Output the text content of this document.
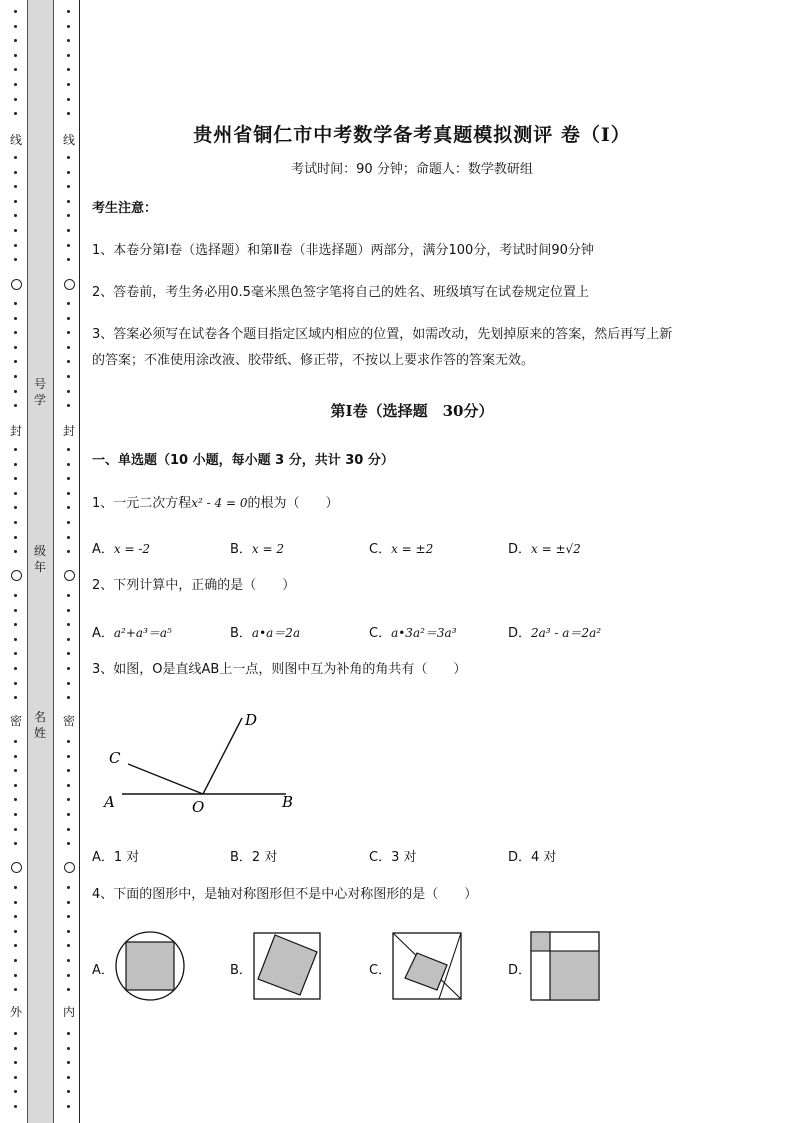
线
封
密
外
线
封
密
内
号学
级年
名姓
贵州省铜仁市中考数学备考真题模拟测评 卷（Ⅰ）
考试时间：90 分钟；命题人：数学教研组
考生注意：
1、本卷分第Ⅰ卷（选择题）和第Ⅱ卷（非选择题）两部分，满分100分，考试时间90分钟
2、答卷前，考生务必用0.5毫米黑色签字笔将自己的姓名、班级填写在试卷规定位置上
3、答案必须写在试卷各个题目指定区域内相应的位置，如需改动，先划掉原来的答案，然后再写上新
的答案；不准使用涂改液、胶带纸、修正带，不按以上要求作答的答案无效。
第Ⅰ卷（选择题　30分）
一、单选题（10 小题，每小题 3 分，共计 30 分）
1、一元二次方程x² - 4 = 0的根为（　　）
A．x = -2	B．x = 2	C．x = ±2	D．x = ±√2
2、下列计算中，正确的是（　　）
A．a²+a³＝a⁵	B．a•a＝2a	C．a•3a²＝3a³	D．2a³ - a＝2a²
3、如图，O是直线AB上一点，则图中互为补角的角共有（　　）
A	B
C
D
O
A．1 对	B．2 对	C．3 对	D．4 对
4、下面的图形中，是轴对称图形但不是中心对称图形的是（　　）
A．	B．	C．	D．
